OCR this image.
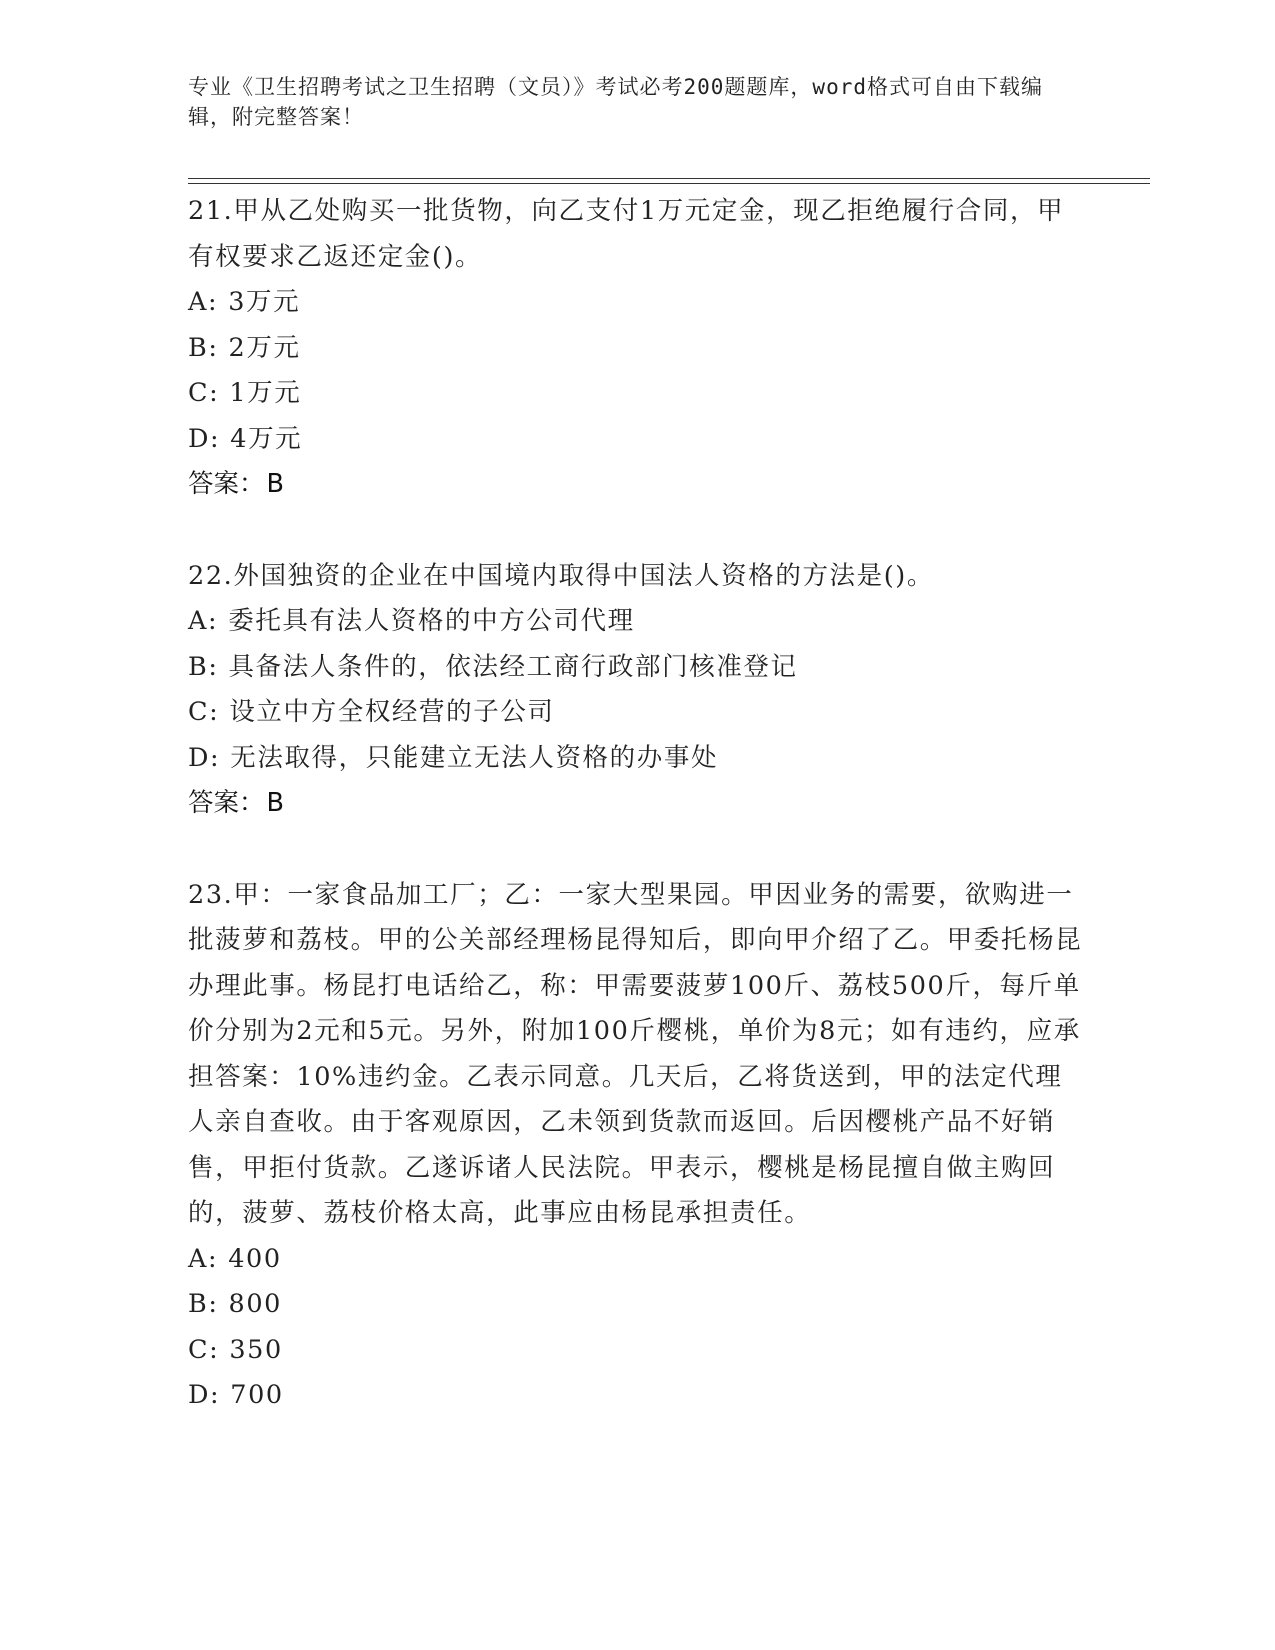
专业《卫生招聘考试之卫生招聘（文员）》考试必考200题题库，word格式可自由下载编辑，附完整答案！

21.甲从乙处购买一批货物，向乙支付1万元定金，现乙拒绝履行合同，甲有权要求乙返还定金()。

A: 3万元
B: 2万元
C: 1万元
D: 4万元
答案：B

22.外国独资的企业在中国境内取得中国法人资格的方法是()。

A: 委托具有法人资格的中方公司代理
B: 具备法人条件的，依法经工商行政部门核准登记
C: 设立中方全权经营的子公司
D: 无法取得，只能建立无法人资格的办事处
答案：B

23.甲：一家食品加工厂；乙：一家大型果园。甲因业务的需要，欲购进一批菠萝和荔枝。甲的公关部经理杨昆得知后，即向甲介绍了乙。甲委托杨昆办理此事。杨昆打电话给乙，称：甲需要菠萝100斤、荔枝500斤，每斤单价分别为2元和5元。另外，附加100斤樱桃，单价为8元；如有违约，应承担答案：10%违约金。乙表示同意。几天后，乙将货送到，甲的法定代理人亲自查收。由于客观原因，乙未领到货款而返回。后因樱桃产品不好销售，甲拒付货款。乙遂诉诸人民法院。甲表示，樱桃是杨昆擅自做主购回的，菠萝、荔枝价格太高，此事应由杨昆承担责任。

A: 400
B: 800
C: 350
D: 700
